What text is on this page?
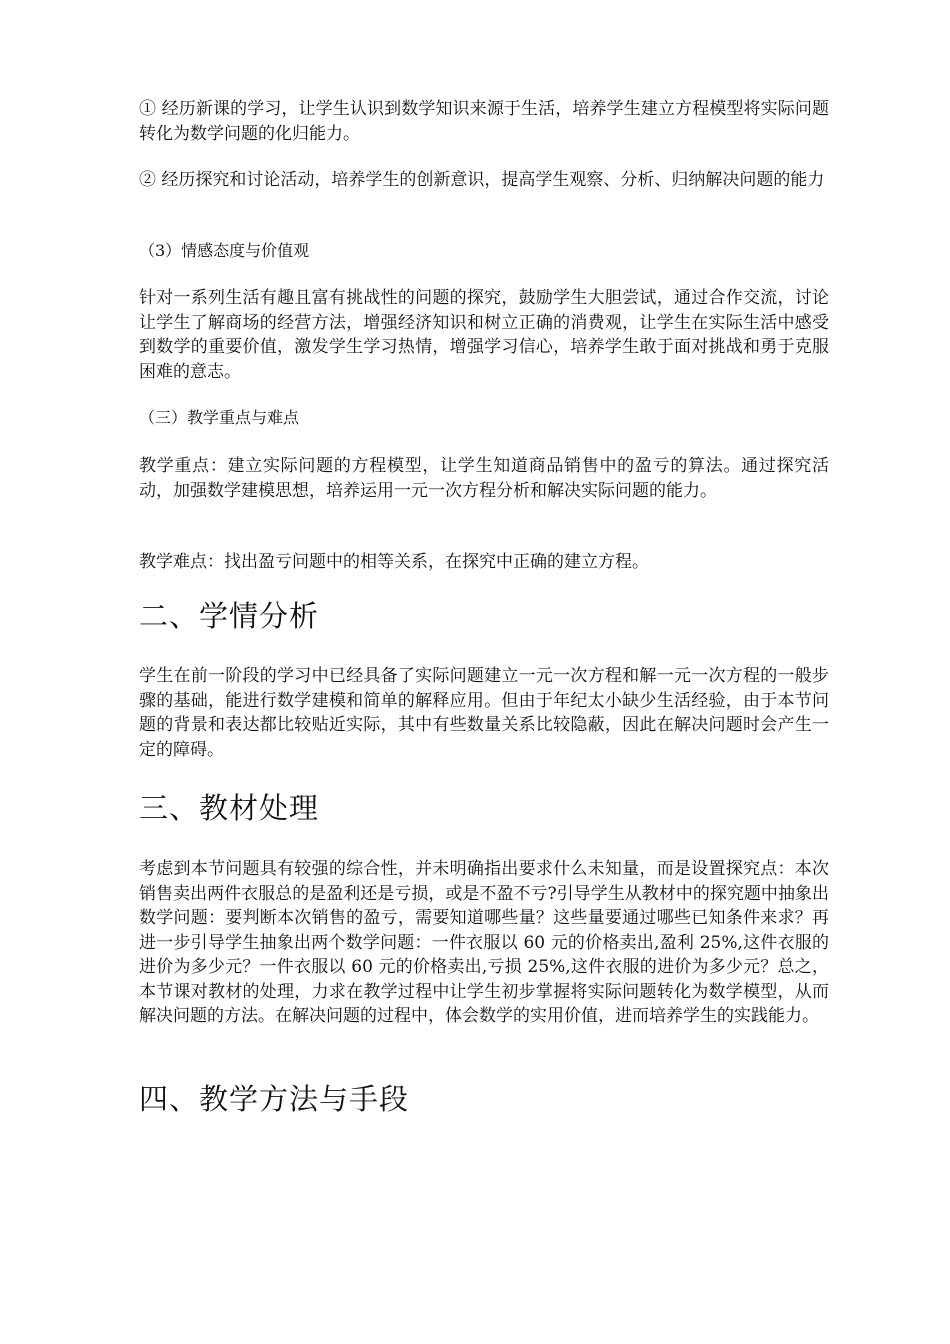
① 经历新课的学习，让学生认识到数学知识来源于生活，培养学生建立方程模型将实际问题转化为数学问题的化归能力。

② 经历探究和讨论活动，培养学生的创新意识，提高学生观察、分析、归纳解决问题的能力

（3）情感态度与价值观

针对一系列生活有趣且富有挑战性的问题的探究，鼓励学生大胆尝试，通过合作交流，讨论让学生了解商场的经营方法，增强经济知识和树立正确的消费观，让学生在实际生活中感受到数学的重要价值，激发学生学习热情，增强学习信心，培养学生敢于面对挑战和勇于克服困难的意志。

（三）教学重点与难点

教学重点：建立实际问题的方程模型，让学生知道商品销售中的盈亏的算法。通过探究活动，加强数学建模思想，培养运用一元一次方程分析和解决实际问题的能力。

教学难点：找出盈亏问题中的相等关系，在探究中正确的建立方程。

二、学情分析

学生在前一阶段的学习中已经具备了实际问题建立一元一次方程和解一元一次方程的一般步骤的基础，能进行数学建模和简单的解释应用。但由于年纪太小缺少生活经验，由于本节问题的背景和表达都比较贴近实际，其中有些数量关系比较隐蔽，因此在解决问题时会产生一定的障碍。

三、教材处理

考虑到本节问题具有较强的综合性，并未明确指出要求什么未知量，而是设置探究点：本次销售卖出两件衣服总的是盈利还是亏损，或是不盈不亏?引导学生从教材中的探究题中抽象出数学问题：要判断本次销售的盈亏，需要知道哪些量？这些量要通过哪些已知条件来求？再进一步引导学生抽象出两个数学问题：一件衣服以 60 元的价格卖出,盈利 25%,这件衣服的进价为多少元？一件衣服以 60 元的价格卖出,亏损 25%,这件衣服的进价为多少元？总之，本节课对教材的处理，力求在教学过程中让学生初步掌握将实际问题转化为数学模型，从而解决问题的方法。在解决问题的过程中，体会数学的实用价值，进而培养学生的实践能力。

四、教学方法与手段
